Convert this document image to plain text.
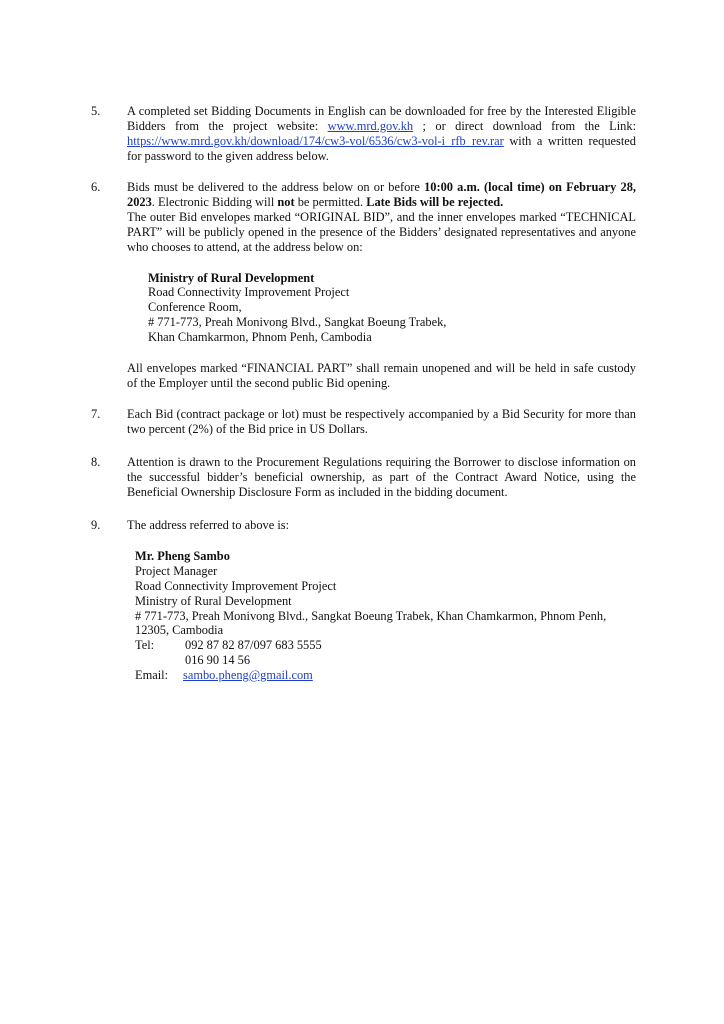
5. A completed set Bidding Documents in English can be downloaded for free by the Interested Eligible Bidders from the project website: www.mrd.gov.kh ; or direct download from the Link: https://www.mrd.gov.kh/download/174/cw3-vol/6536/cw3-vol-i_rfb_rev.rar with a written requested for password to the given address below.
6. Bids must be delivered to the address below on or before 10:00 a.m. (local time) on February 28, 2023. Electronic Bidding will not be permitted. Late Bids will be rejected.

The outer Bid envelopes marked “ORIGINAL BID”, and the inner envelopes marked “TECHNICAL PART” will be publicly opened in the presence of the Bidders’ designated representatives and anyone who chooses to attend, at the address below on:

Ministry of Rural Development
Road Connectivity Improvement Project
Conference Room,
# 771-773, Preah Monivong Blvd., Sangkat Boeung Trabek,
Khan Chamkarmon, Phnom Penh, Cambodia

All envelopes marked “FINANCIAL PART” shall remain unopened and will be held in safe custody of the Employer until the second public Bid opening.

7. Each Bid (contract package or lot) must be respectively accompanied by a Bid Security for more than two percent (2%) of the Bid price in US Dollars.
8. Attention is drawn to the Procurement Regulations requiring the Borrower to disclose information on the successful bidder’s beneficial ownership, as part of the Contract Award Notice, using the Beneficial Ownership Disclosure Form as included in the bidding document.
9. The address referred to above is:

Mr. Pheng Sambo
Project Manager
Road Connectivity Improvement Project
Ministry of Rural Development
# 771-773, Preah Monivong Blvd., Sangkat Boeung Trabek, Khan Chamkarmon, Phnom Penh,
12305, Cambodia
Tel:	092 87 82 87/097 683 5555
016 90 14 56
Email:	sambo.pheng@gmail.com
